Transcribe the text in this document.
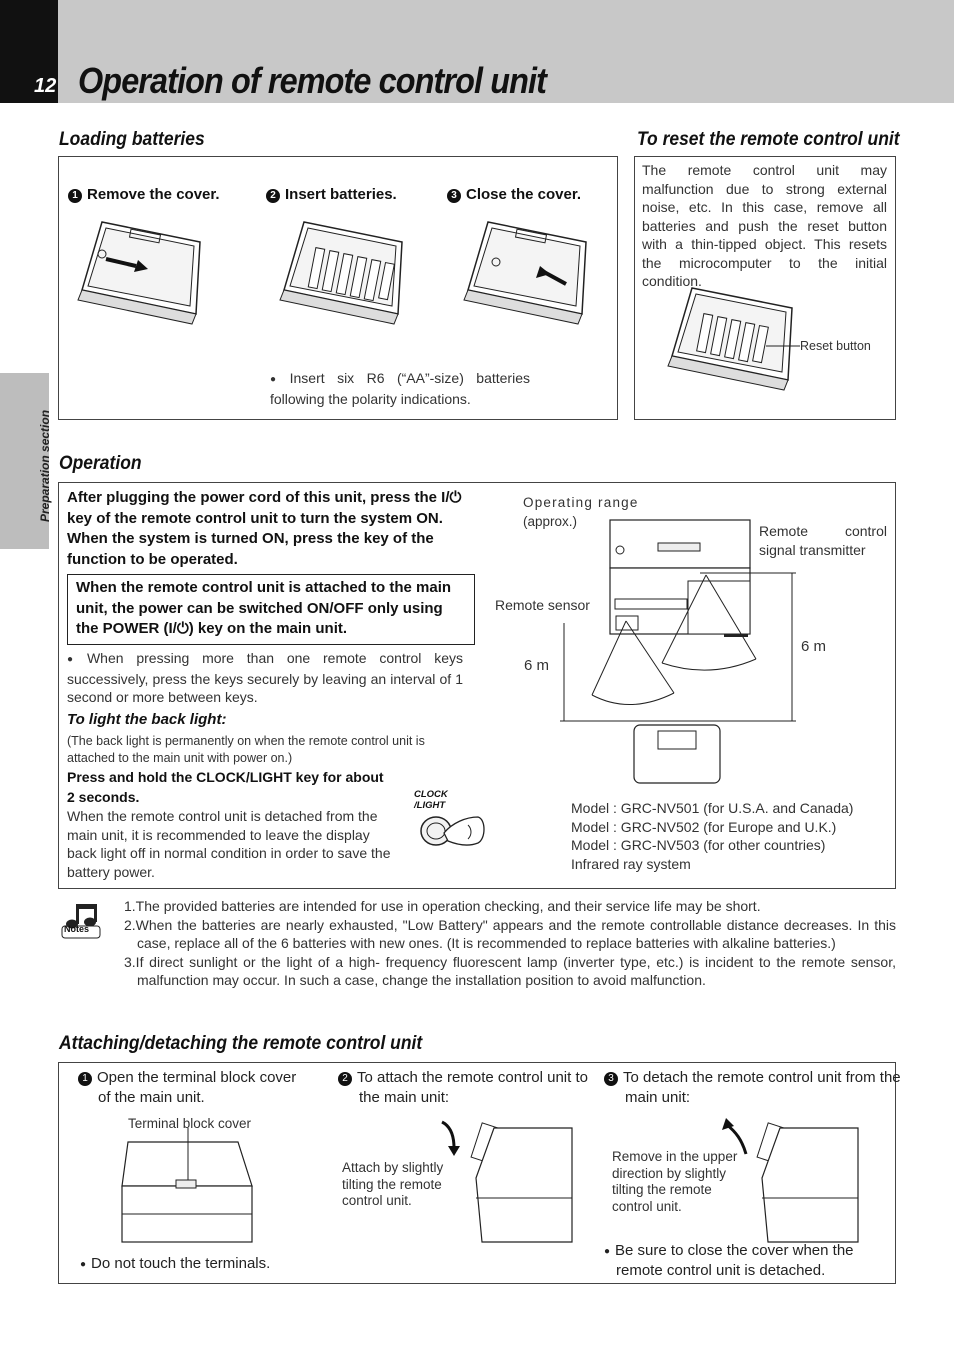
12 Operation of remote control unit
Preparation section
Loading batteries
1 Remove the cover.	2 Insert batteries.	3 Close the cover.
● Insert six R6 (“AA”-size) batteries following the polarity indications.
To reset the remote control unit
The remote control unit may malfunction due to strong external noise, etc. In this case, remove all batteries and push the reset button with a thin-tipped object. This resets the microcomputer to the initial condition.
Reset button
Operation
After plugging the power cord of this unit, press the I/⏻ key of the remote control unit to turn the system ON. When the system is turned ON, press the key of the function to be operated.
When the remote control unit is attached to the main unit, the power can be switched ON/OFF only using the POWER (I/⏻) key on the main unit.
● When pressing more than one remote control keys successively, press the keys securely by leaving an interval of 1 second or more between keys.
To light the back light:
(The back light is permanently on when the remote control unit is attached to the main unit with power on.)
Press and hold the CLOCK/LIGHT key for about 2 seconds.
When the remote control unit is detached from the main unit, it is recommended to leave the display back light off in normal condition in order to save the battery power.
CLOCK
/LIGHT
Operating range
(approx.)
Remote control signal transmitter
Remote sensor
6 m
6 m
Model : GRC-NV501 (for U.S.A. and Canada)
Model : GRC-NV502 (for Europe and U.K.)
Model : GRC-NV503 (for other countries)
Infrared ray system
Notes
1.The provided batteries are intended for use in operation checking, and their service life may be short.
2.When the batteries are nearly exhausted, "Low Battery" appears and the remote controllable distance decreases. In this case, replace all of the 6 batteries with new ones. (It is recommended to replace batteries with alkaline batteries.)
3.If direct sunlight or the light of a high- frequency fluorescent lamp (inverter type, etc.) is incident to the remote sensor, malfunction may occur. In such a case, change the installation position to avoid malfunction.
Attaching/detaching the remote control unit
1 Open the terminal block cover of the main unit.
Terminal block cover
● Do not touch the terminals.
2 To attach the remote control unit to the main unit:
Attach by slightly tilting the remote control unit.
3 To detach the remote control unit from the main unit:
Remove in the upper direction by slightly tilting the remote control unit.
● Be sure to close the cover when the remote control unit is detached.
